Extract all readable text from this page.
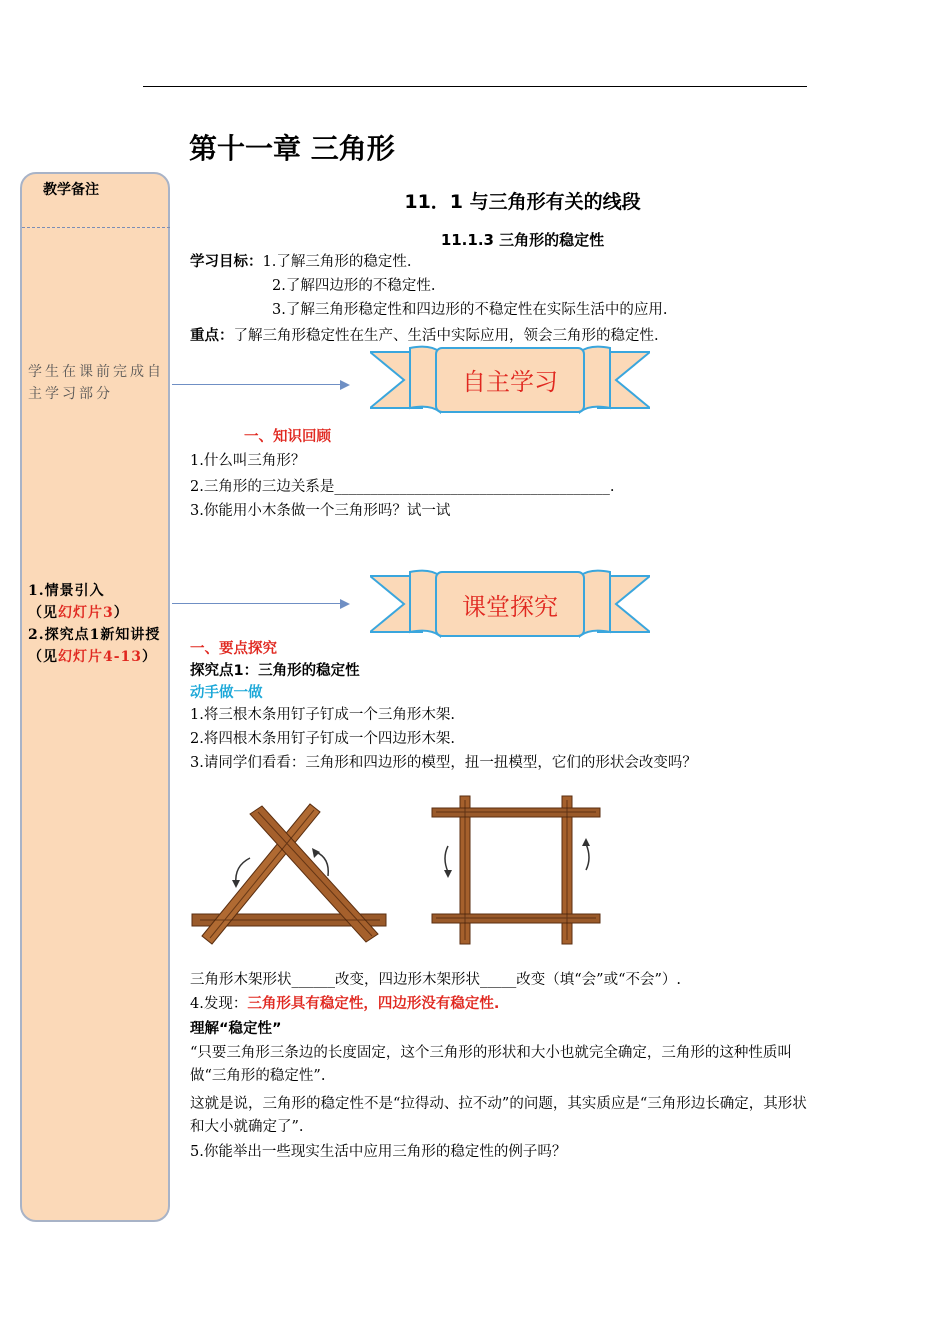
第十一章 三角形
教学备注
学生在课前完成自主学习部分
1.情景引入
（见幻灯片3）
2.探究点1新知讲授
（见幻灯片4-13）
11．1 与三角形有关的线段
11.1.3 三角形的稳定性
学习目标：1.了解三角形的稳定性.
2.了解四边形的不稳定性.
3.了解三角形稳定性和四边形的不稳定性在实际生活中的应用.
重点：了解三角形稳定性在生产、生活中实际应用，领会三角形的稳定性.
自主学习
一、知识回顾
1.什么叫三角形？
2.三角形的三边关系是______________________________________.
3.你能用小木条做一个三角形吗？试一试
课堂探究
一、要点探究
探究点1：三角形的稳定性
动手做一做
1.将三根木条用钉子钉成一个三角形木架.
2.将四根木条用钉子钉成一个四边形木架.
3.请同学们看看：三角形和四边形的模型，扭一扭模型，它们的形状会改变吗？
三角形木架形状______改变，四边形木架形状_____改变（填“会”或“不会”）.
4.发现：三角形具有稳定性，四边形没有稳定性.
理解“稳定性”
“只要三角形三条边的长度固定，这个三角形的形状和大小也就完全确定，三角形的这种性质叫做“三角形的稳定性”.
这就是说，三角形的稳定性不是“拉得动、拉不动”的问题，其实质应是“三角形边长确定，其形状和大小就确定了”.
5.你能举出一些现实生活中应用三角形的稳定性的例子吗？
